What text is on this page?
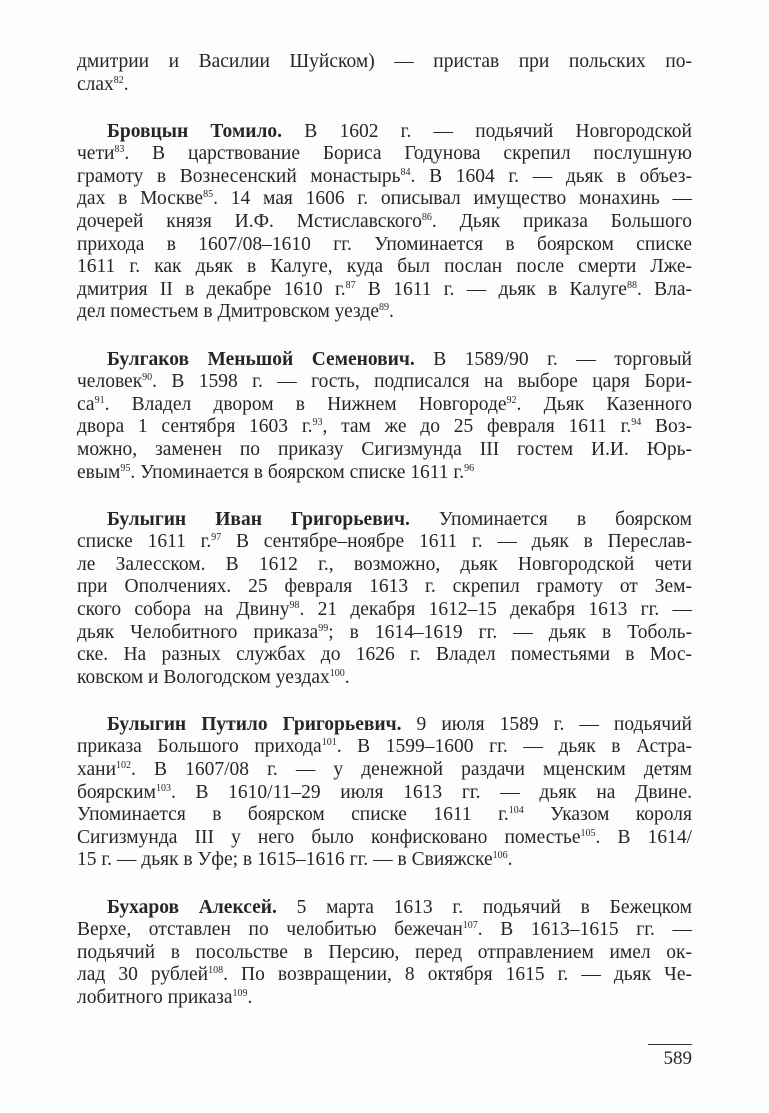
дмитрии и Василии Шуйском) — пристав при польских по-
слах$^{82}$.
Бровцын Томило. В 1602 г. — подьячий Новгородской
чети$^{83}$. В царствование Бориса Годунова скрепил послушную
грамоту в Вознесенский монастырь$^{84}$. В 1604 г. — дьяк в объез-
дах в Москве$^{85}$. 14 мая 1606 г. описывал имущество монахинь —
дочерей князя И.Ф. Мстиславского$^{86}$. Дьяк приказа Большого
прихода в 1607/08–1610 гг. Упоминается в боярском списке
1611 г. как дьяк в Калуге, куда был послан после смерти Лже-
дмитрия II в декабре 1610 г.$^{87}$ В 1611 г. — дьяк в Калуге$^{88}$. Вла-
дел поместьем в Дмитровском уезде$^{89}$.
Булгаков Меньшой Семенович. В 1589/90 г. — торговый
человек$^{90}$. В 1598 г. — гость, подписался на выборе царя Бори-
$са^{91}$. Владел двором в Нижнем Новгороде$^{92}$. Дьяк Казенного
двора 1 сентября 1603 г.$^{93}$, там же до 25 февраля 1611 г.$^{94}$ Воз-
можно, заменен по приказу Сигизмунда III гостем И.И. Юрь-
евым$^{95}$. Упоминается в боярском списке 1611 г.$^{96}$
Булыгин Иван Григорьевич. Упоминается в боярском
списке 1611 г.$^{97}$ В сентябре–ноябре 1611 г. — дьяк в Переслав-
ле Залесском. В 1612 г., возможно, дьяк Новгородской чети
при Ополчениях. 25 февраля 1613 г. скрепил грамоту от Зем-
ского собора на Двину$^{98}$. 21 декабря 1612–15 декабря 1613 гг. —
дьяк Челобитного приказа$^{99}$; в 1614–1619 гг. — дьяк в Тоболь-
ске. На разных службах до 1626 г. Владел поместьями в Мос-
ковском и Вологодском уездах$^{100}$.
Булыгин Путило Григорьевич. 9 июля 1589 г. — подьячий
приказа Большого прихода$^{101}$. В 1599–1600 гг. — дьяк в Астра-
хани$^{102}$. В 1607/08 г. — у денежной раздачи мценским детям
боярским$^{103}$. В 1610/11–29 июля 1613 гг. — дьяк на Двине.
Упоминается в боярском списке 1611 г.$^{104}$ Указом короля
Сигизмунда III у него было конфисковано поместье$^{105}$. В 1614/
15 г. — дьяк в Уфе; в 1615–1616 гг. — в Свияжске$^{106}$.
Бухаров Алексей. 5 марта 1613 г. подьячий в Бежецком
Верхе, отставлен по челобитью бежечан$^{107}$. В 1613–1615 гг. —
подьячий в посольстве в Персию, перед отправлением имел ок-
лад 30 рублей$^{108}$. По возвращении, 8 октября 1615 г. — дьяк Че-
лобитного приказа$^{109}$.
589
